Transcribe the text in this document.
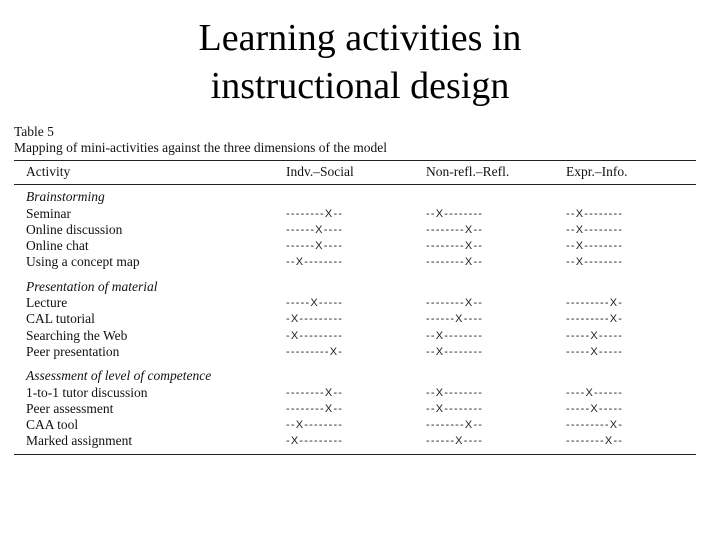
Learning activities in
instructional design
Table 5
Mapping of mini-activities against the three dimensions of the model
Activity	Indv.–Social	Non-refl.–Refl.	Expr.–Info.
Brainstorming			
Seminar	--------X--	--X--------	--X--------
Online discussion	------X----	--------X--	--X--------
Online chat	------X----	--------X--	--X--------
Using a concept map	--X--------	--------X--	--X--------

Presentation of material			
Lecture	-----X-----	--------X--	---------X-
CAL tutorial	-X---------	------X----	---------X-
Searching the Web	-X---------	--X--------	-----X-----
Peer presentation	---------X-	--X--------	-----X-----

Assessment of level of competence			
1-to-1 tutor discussion	--------X--	--X--------	----X------
Peer assessment	--------X--	--X--------	-----X-----
CAA tool	--X--------	--------X--	---------X-
Marked assignment	-X---------	------X----	--------X--
